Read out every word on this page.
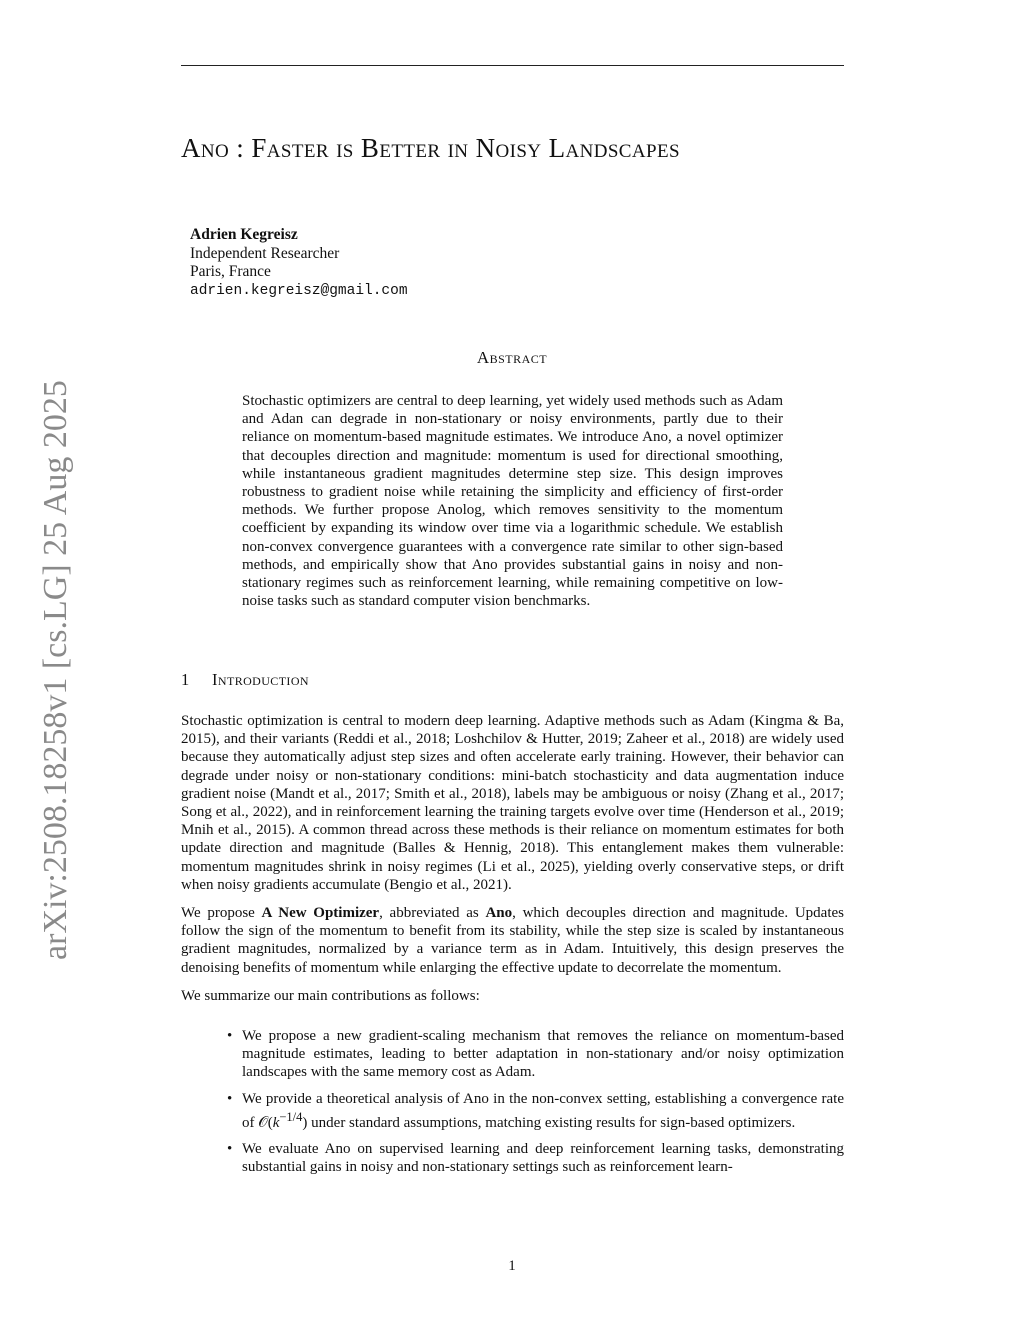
Ano : Faster is Better in Noisy Landscapes
arXiv:2508.18258v1 [cs.LG] 25 Aug 2025
Adrien Kegreisz
Independent Researcher
Paris, France
adrien.kegreisz@gmail.com
Abstract
Stochastic optimizers are central to deep learning, yet widely used methods such as Adam and Adan can degrade in non-stationary or noisy environments, partly due to their reliance on momentum-based magnitude estimates. We introduce Ano, a novel optimizer that decouples direction and magnitude: momentum is used for directional smoothing, while instantaneous gradient magnitudes determine step size. This design improves robustness to gradient noise while retaining the simplicity and efficiency of first-order methods. We further propose Anolog, which removes sensitivity to the momentum coefficient by expanding its window over time via a logarithmic schedule. We establish non-convex convergence guarantees with a convergence rate similar to other sign-based methods, and empirically show that Ano provides substantial gains in noisy and non-stationary regimes such as reinforcement learning, while remaining competitive on low-noise tasks such as standard computer vision benchmarks.
1 Introduction

Stochastic optimization is central to modern deep learning. Adaptive methods such as Adam (Kingma & Ba, 2015), and their variants (Reddi et al., 2018; Loshchilov & Hutter, 2019; Zaheer et al., 2018) are widely used because they automatically adjust step sizes and often accelerate early training. However, their behavior can degrade under noisy or non-stationary conditions: mini-batch stochasticity and data augmentation induce gradient noise (Mandt et al., 2017; Smith et al., 2018), labels may be ambiguous or noisy (Zhang et al., 2017; Song et al., 2022), and in reinforcement learning the training targets evolve over time (Henderson et al., 2019; Mnih et al., 2015). A common thread across these methods is their reliance on momentum estimates for both update direction and magnitude (Balles & Hennig, 2018). This entanglement makes them vulnerable: momentum magnitudes shrink in noisy regimes (Li et al., 2025), yielding overly conservative steps, or drift when noisy gradients accumulate (Bengio et al., 2021).

We propose A New Optimizer, abbreviated as Ano, which decouples direction and magnitude. Updates follow the sign of the momentum to benefit from its stability, while the step size is scaled by instantaneous gradient magnitudes, normalized by a variance term as in Adam. Intuitively, this design preserves the denoising benefits of momentum while enlarging the effective update to decorrelate the momentum.

We summarize our main contributions as follows:

• We propose a new gradient-scaling mechanism that removes the reliance on momentum-based magnitude estimates, leading to better adaptation in non-stationary and/or noisy optimization landscapes with the same memory cost as Adam.
• We provide a theoretical analysis of Ano in the non-convex setting, establishing a convergence rate of $𝒪(k^{-1/4})$ under standard assumptions, matching existing results for sign-based optimizers.
• We evaluate Ano on supervised learning and deep reinforcement learning tasks, demonstrating substantial gains in noisy and non-stationary settings such as reinforcement learn-
1
